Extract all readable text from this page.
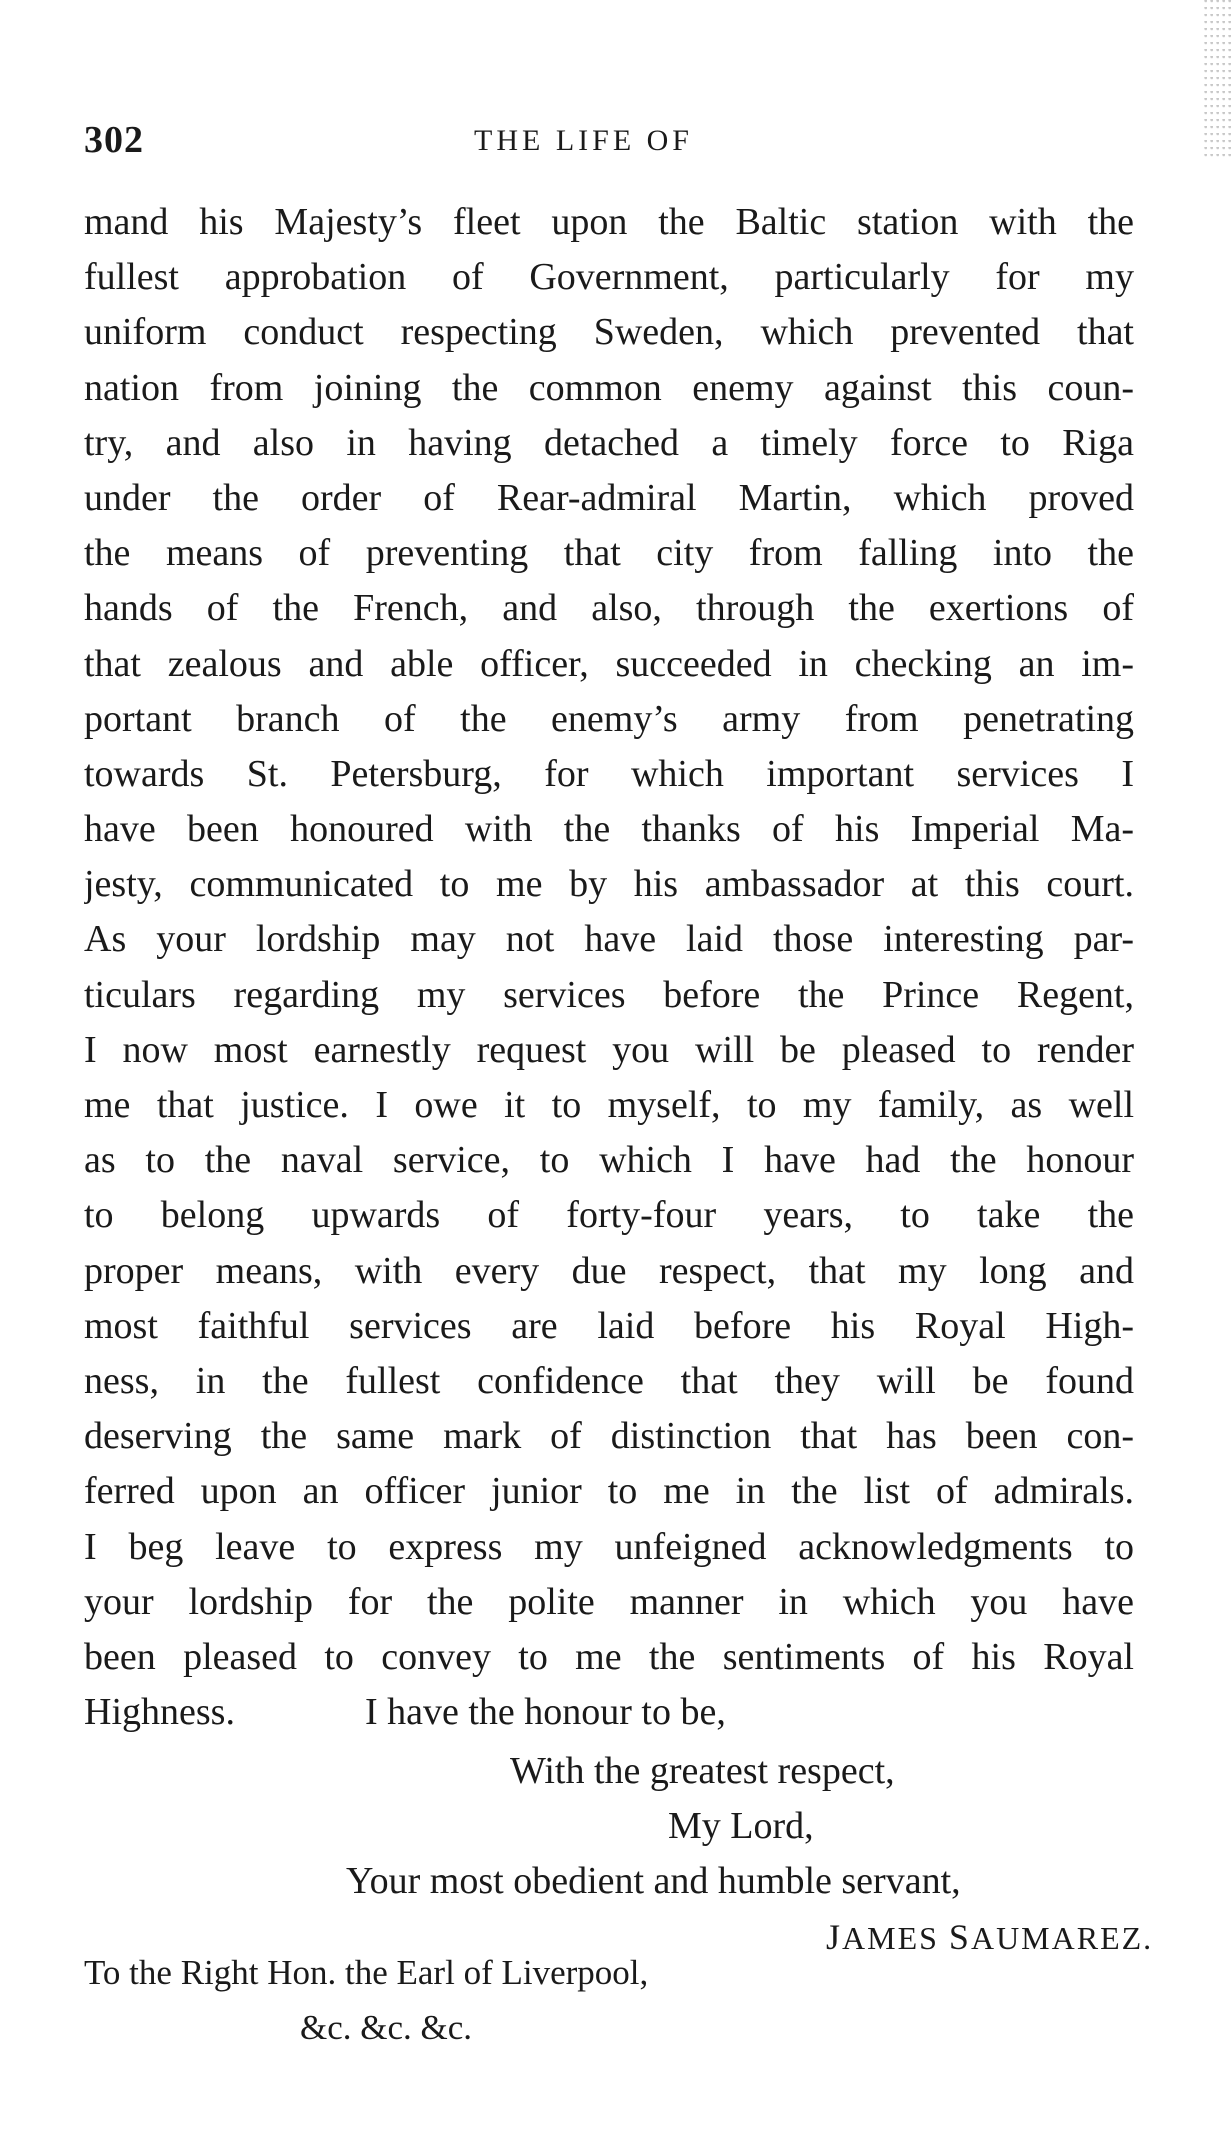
302	THE LIFE OF
mand his Majesty’s fleet upon the Baltic station with the
fullest approbation of Government, particularly for my
uniform conduct respecting Sweden, which prevented that
nation from joining the common enemy against this coun-
try, and also in having detached a timely force to Riga
under the order of Rear-admiral Martin, which proved
the means of preventing that city from falling into the
hands of the French, and also, through the exertions of
that zealous and able officer, succeeded in checking an im-
portant branch of the enemy’s army from penetrating
towards St. Petersburg, for which important services I
have been honoured with the thanks of his Imperial Ma-
jesty, communicated to me by his ambassador at this court.
As your lordship may not have laid those interesting par-
ticulars regarding my services before the Prince Regent,
I now most earnestly request you will be pleased to render
me that justice. I owe it to myself, to my family, as well
as to the naval service, to which I have had the honour
to belong upwards of forty-four years, to take the
proper means, with every due respect, that my long and
most faithful services are laid before his Royal High-
ness, in the fullest confidence that they will be found
deserving the same mark of distinction that has been con-
ferred upon an officer junior to me in the list of admirals.
I beg leave to express my unfeigned acknowledgments to
your lordship for the polite manner in which you have
been pleased to convey to me the sentiments of his Royal
Highness.	I have the honour to be,
With the greatest respect,
My Lord,
Your most obedient and humble servant,
JAMES SAUMAREZ.
To the Right Hon. the Earl of Liverpool,
&c. &c. &c.
